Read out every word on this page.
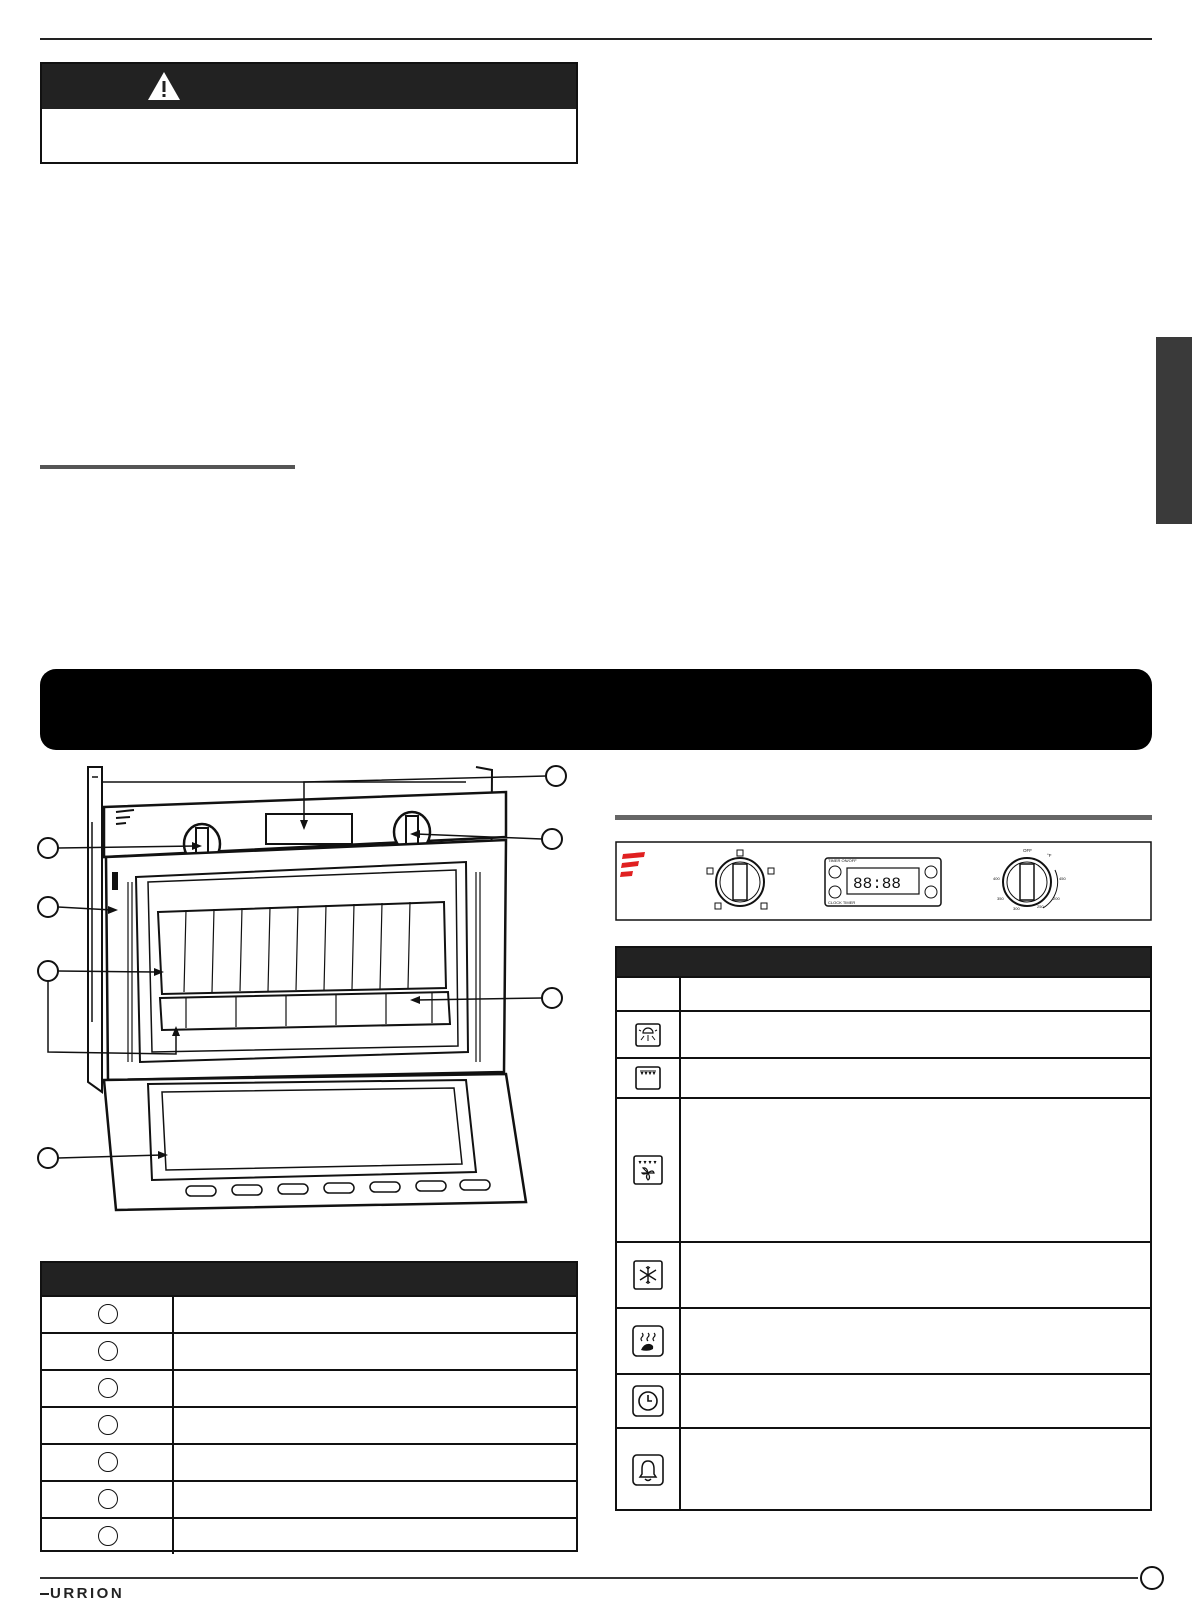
88:88
TIMER ON/OFF
CLOCK TIMER
OFF
°F
400
350
300	250
200
450
URRION
